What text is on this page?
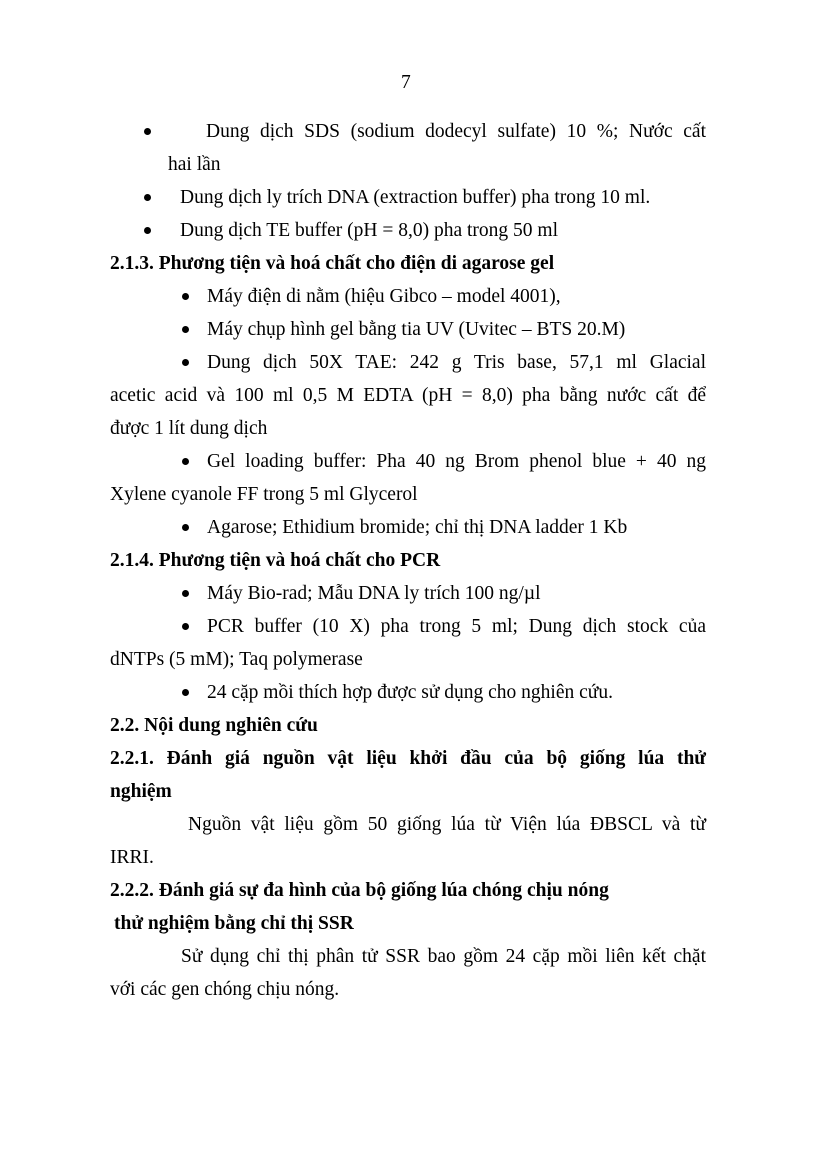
7
Dung dịch SDS (sodium dodecyl sulfate) 10 %; Nước cất
hai lần
Dung dịch ly trích DNA (extraction buffer) pha trong 10 ml.
Dung dịch TE buffer (pH = 8,0) pha trong 50 ml
2.1.3. Phương tiện và hoá chất cho điện di agarose gel
Máy điện di nằm (hiệu Gibco – model 4001),
Máy chụp hình gel bằng tia UV (Uvitec – BTS 20.M)
Dung dịch 50X TAE: 242 g Tris base, 57,1 ml Glacial
acetic acid và 100 ml 0,5 M EDTA (pH = 8,0) pha bằng nước cất để
được 1 lít dung dịch
Gel loading buffer: Pha 40 ng Brom phenol blue + 40 ng
Xylene cyanole FF trong 5 ml Glycerol
Agarose; Ethidium bromide; chỉ thị DNA ladder 1 Kb
2.1.4. Phương tiện và hoá chất cho PCR
Máy Bio-rad; Mẫu DNA ly trích 100 ng/µl
PCR buffer (10 X) pha trong 5 ml; Dung dịch stock của
dNTPs (5 mM); Taq polymerase
24 cặp mồi thích hợp được sử dụng cho nghiên cứu.
2.2. Nội dung nghiên cứu
2.2.1. Đánh giá nguồn vật liệu khởi đầu của bộ giống lúa thử
nghiệm
Nguồn vật liệu gồm 50 giống lúa từ Viện lúa ĐBSCL và từ
IRRI.
2.2.2. Đánh giá sự đa hình của bộ giống lúa chóng chịu nóng
thử nghiệm bằng chỉ thị SSR
Sử dụng chỉ thị phân tử SSR bao gồm 24 cặp mồi liên kết chặt
với các gen chóng chịu nóng.
